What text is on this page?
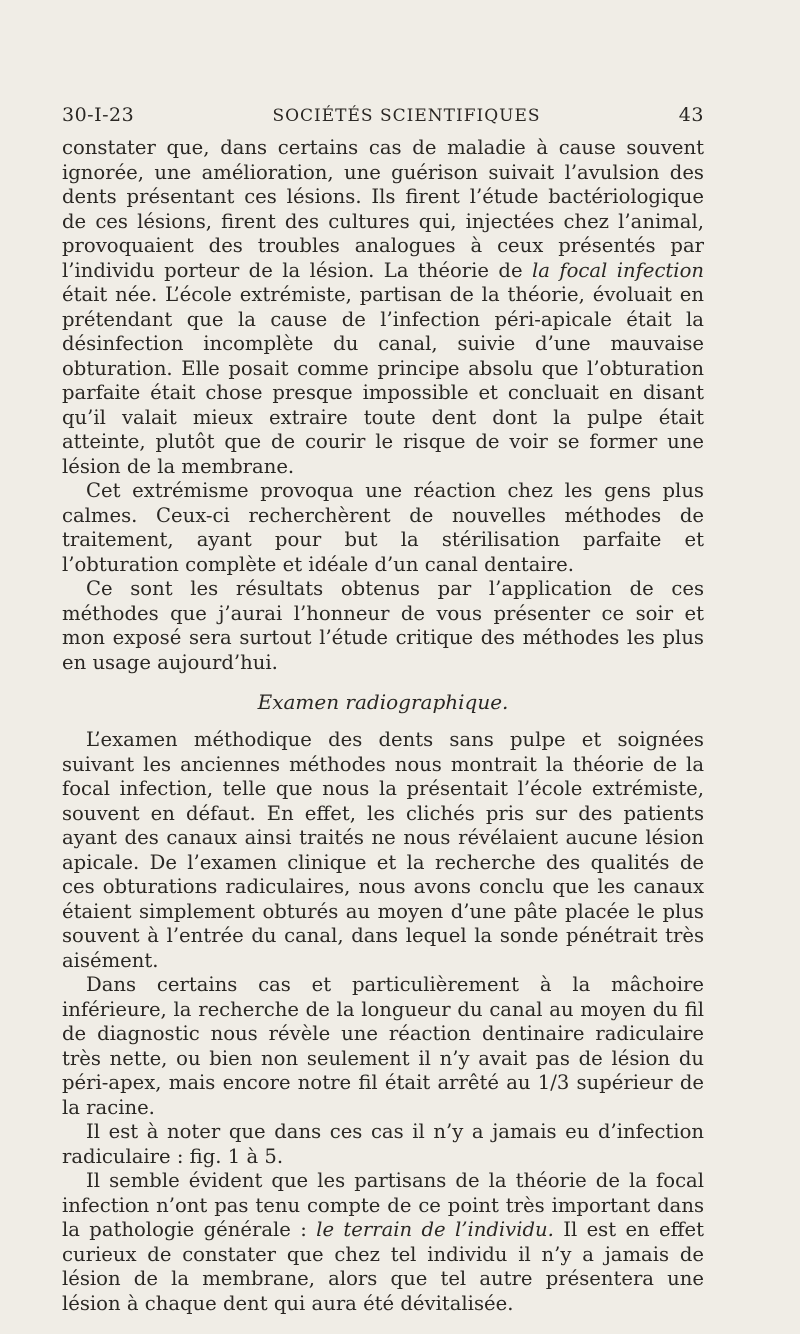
30-I-23	SOCIÉTÉS SCIENTIFIQUES	43

constater que, dans certains cas de maladie à cause souvent ignorée, une amélioration, une guérison suivait l’avulsion des dents présentant ces lésions. Ils firent l’étude bactériologique de ces lésions, firent des cultures qui, injectées chez l’animal, provoquaient des troubles analogues à ceux présentés par l’individu porteur de la lésion. La théorie de la focal infection était née. L’école extrémiste, partisan de la théorie, évoluait en prétendant que la cause de l’infection péri-apicale était la désinfection incomplète du canal, suivie d’une mauvaise obturation. Elle posait comme principe absolu que l’obturation parfaite était chose presque impossible et concluait en disant qu’il valait mieux extraire toute dent dont la pulpe était atteinte, plutôt que de courir le risque de voir se former une lésion de la membrane.

Cet extrémisme provoqua une réaction chez les gens plus calmes. Ceux-ci recherchèrent de nouvelles méthodes de traitement, ayant pour but la stérilisation parfaite et l’obturation complète et idéale d’un canal dentaire.

Ce sont les résultats obtenus par l’application de ces méthodes que j’aurai l’honneur de vous présenter ce soir et mon exposé sera surtout l’étude critique des méthodes les plus en usage aujourd’hui.

Examen radiographique.

L’examen méthodique des dents sans pulpe et soignées suivant les anciennes méthodes nous montrait la théorie de la focal infection, telle que nous la présentait l’école extrémiste, souvent en défaut. En effet, les clichés pris sur des patients ayant des canaux ainsi traités ne nous révélaient aucune lésion apicale. De l’examen clinique et la recherche des qualités de ces obturations radiculaires, nous avons conclu que les canaux étaient simplement obturés au moyen d’une pâte placée le plus souvent à l’entrée du canal, dans lequel la sonde pénétrait très aisément.

Dans certains cas et particulièrement à la mâchoire inférieure, la recherche de la longueur du canal au moyen du fil de diagnostic nous révèle une réaction dentinaire radiculaire très nette, ou bien non seulement il n’y avait pas de lésion du péri-apex, mais encore notre fil était arrêté au 1/3 supérieur de la racine.

Il est à noter que dans ces cas il n’y a jamais eu d’infection radiculaire : fig. 1 à 5.

Il semble évident que les partisans de la théorie de la focal infection n’ont pas tenu compte de ce point très important dans la pathologie générale : le terrain de l’individu. Il est en effet curieux de constater que chez tel individu il n’y a jamais de lésion de la membrane, alors que tel autre présentera une lésion à chaque dent qui aura été dévitalisée.
